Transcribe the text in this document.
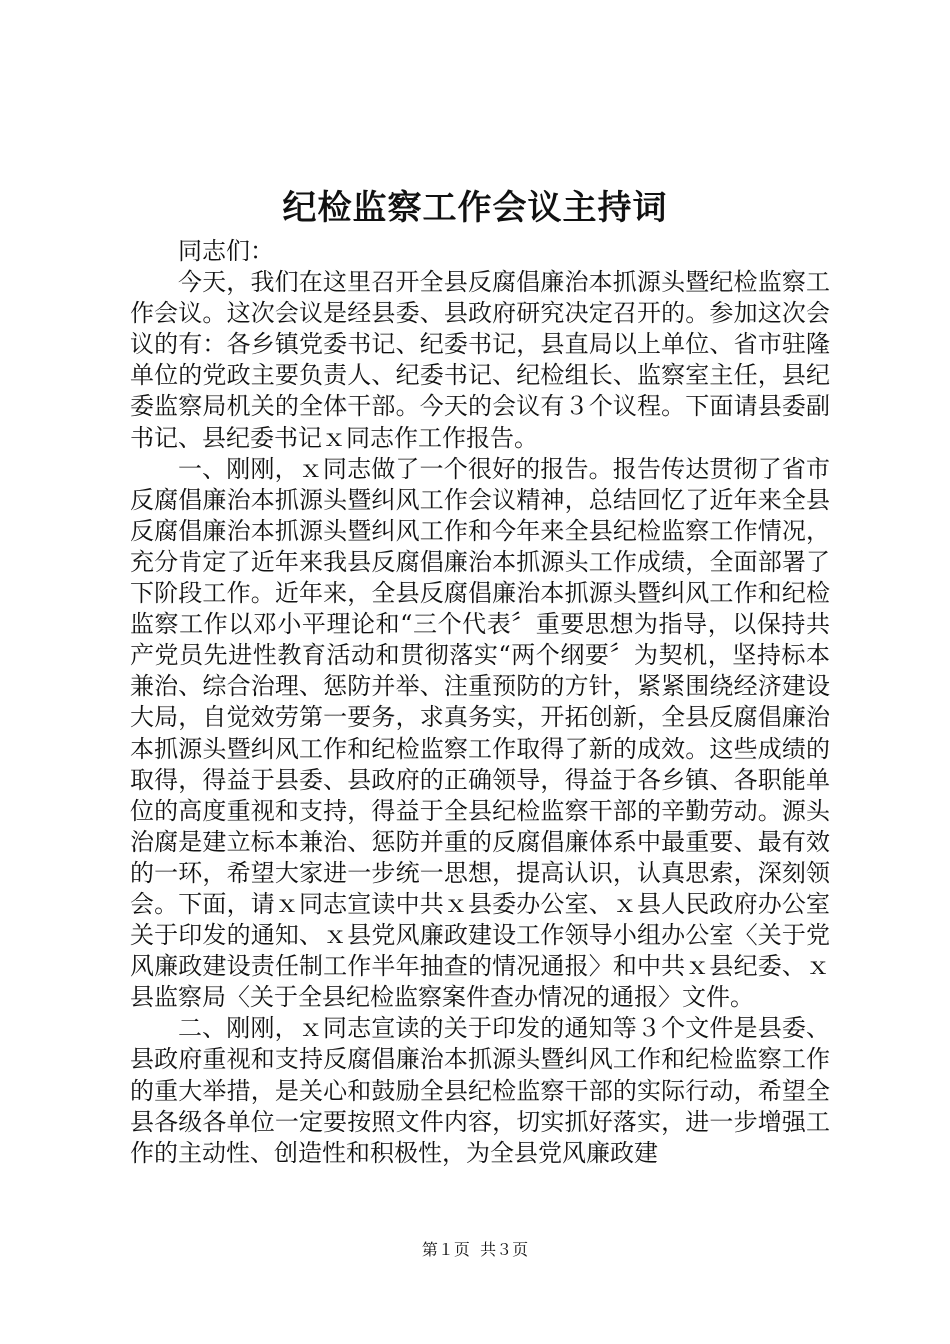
纪检监察工作会议主持词

同志们：

今天，我们在这里召开全县反腐倡廉治本抓源头暨纪检监察工作会议。这次会议是经县委、县政府研究决定召开的。参加这次会议的有：各乡镇党委书记、纪委书记，县直局以上单位、省市驻隆单位的党政主要负责人、纪委书记、纪检组长、监察室主任，县纪委监察局机关的全体干部。今天的会议有３个议程。下面请县委副书记、县纪委书记ｘ同志作工作报告。

一、刚刚，ｘ同志做了一个很好的报告。报告传达贯彻了省市反腐倡廉治本抓源头暨纠风工作会议精神，总结回忆了近年来全县反腐倡廉治本抓源头暨纠风工作和今年来全县纪检监察工作情况，充分肯定了近年来我县反腐倡廉治本抓源头工作成绩，全面部署了下阶段工作。近年来，全县反腐倡廉治本抓源头暨纠风工作和纪检监察工作以邓小平理论和“三个代表〞重要思想为指导，以保持共产党员先进性教育活动和贯彻落实“两个纲要〞为契机，坚持标本兼治、综合治理、惩防并举、注重预防的方针，紧紧围绕经济建设大局，自觉效劳第一要务，求真务实，开拓创新，全县反腐倡廉治本抓源头暨纠风工作和纪检监察工作取得了新的成效。这些成绩的取得，得益于县委、县政府的正确领导，得益于各乡镇、各职能单位的高度重视和支持，得益于全县纪检监察干部的辛勤劳动。源头治腐是建立标本兼治、惩防并重的反腐倡廉体系中最重要、最有效的一环，希望大家进一步统一思想，提高认识，认真思索，深刻领会。下面，请ｘ同志宣读中共ｘ县委办公室、ｘ县人民政府办公室关于印发的通知、ｘ县党风廉政建设工作领导小组办公室〈关于党风廉政建设责任制工作半年抽查的情况通报〉和中共ｘ县纪委、ｘ县监察局〈关于全县纪检监察案件查办情况的通报〉文件。

二、刚刚，ｘ同志宣读的关于印发的通知等３个文件是县委、县政府重视和支持反腐倡廉治本抓源头暨纠风工作和纪检监察工作的重大举措，是关心和鼓励全县纪检监察干部的实际行动，希望全县各级各单位一定要按照文件内容，切实抓好落实，进一步增强工作的主动性、创造性和积极性，为全县党风廉政建

第１页  共３页
